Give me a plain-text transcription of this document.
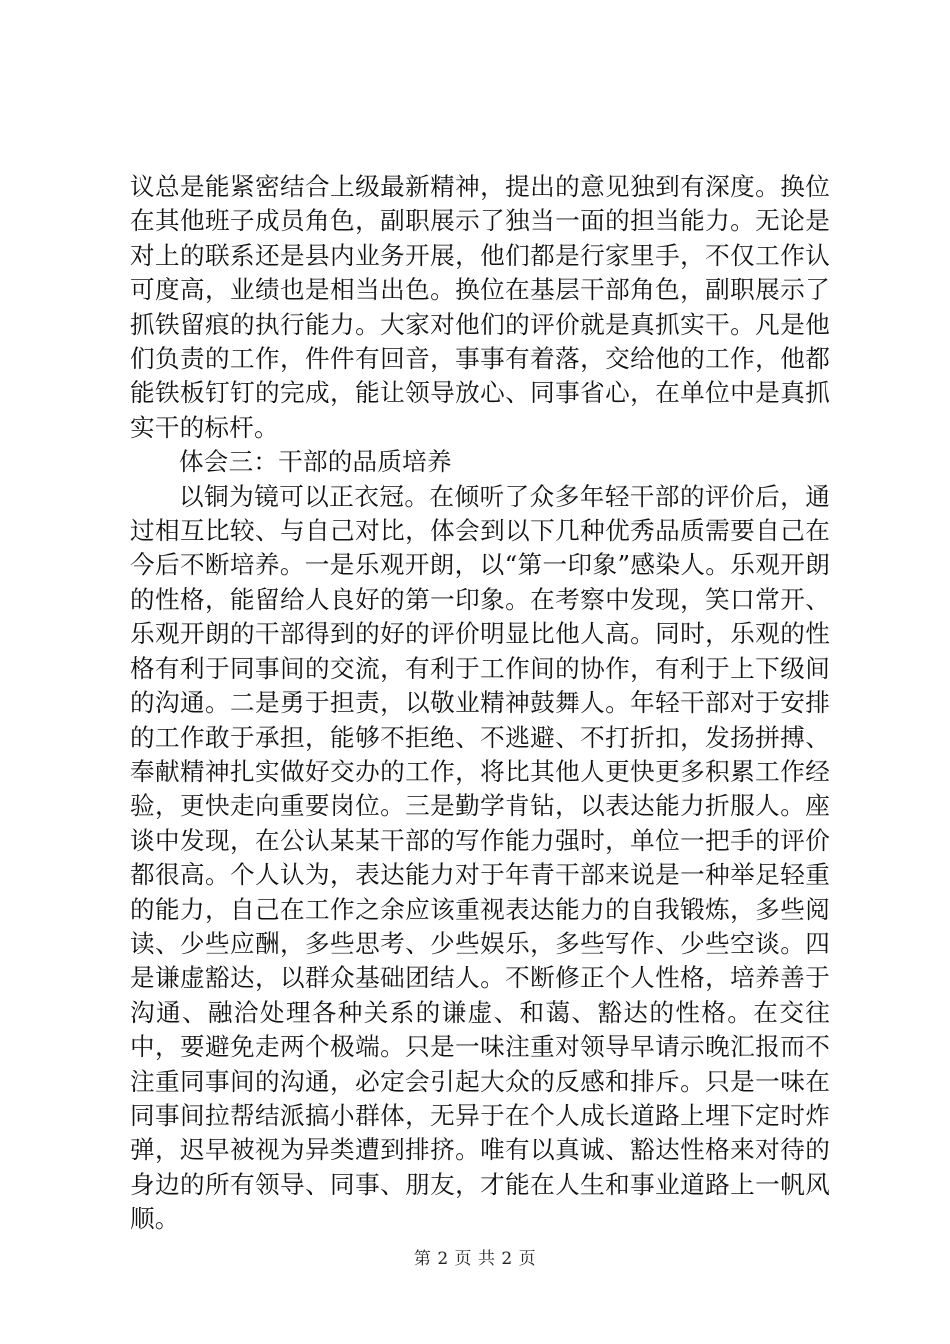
议总是能紧密结合上级最新精神，提出的意见独到有深度。换位在其他班子成员角色，副职展示了独当一面的担当能力。无论是对上的联系还是县内业务开展，他们都是行家里手，不仅工作认可度高，业绩也是相当出色。换位在基层干部角色，副职展示了抓铁留痕的执行能力。大家对他们的评价就是真抓实干。凡是他们负责的工作，件件有回音，事事有着落，交给他的工作，他都能铁板钉钉的完成，能让领导放心、同事省心，在单位中是真抓实干的标杆。

体会三：干部的品质培养

以铜为镜可以正衣冠。在倾听了众多年轻干部的评价后，通过相互比较、与自己对比，体会到以下几种优秀品质需要自己在今后不断培养。一是乐观开朗，以“第一印象”感染人。乐观开朗的性格，能留给人良好的第一印象。在考察中发现，笑口常开、乐观开朗的干部得到的好的评价明显比他人高。同时，乐观的性格有利于同事间的交流，有利于工作间的协作，有利于上下级间的沟通。二是勇于担责，以敬业精神鼓舞人。年轻干部对于安排的工作敢于承担，能够不拒绝、不逃避、不打折扣，发扬拼搏、奉献精神扎实做好交办的工作，将比其他人更快更多积累工作经验，更快走向重要岗位。三是勤学肯钻，以表达能力折服人。座谈中发现，在公认某某干部的写作能力强时，单位一把手的评价都很高。个人认为，表达能力对于年青干部来说是一种举足轻重的能力，自己在工作之余应该重视表达能力的自我锻炼，多些阅读、少些应酬，多些思考、少些娱乐，多些写作、少些空谈。四是谦虚豁达，以群众基础团结人。不断修正个人性格，培养善于沟通、融洽处理各种关系的谦虚、和蔼、豁达的性格。在交往中，要避免走两个极端。只是一味注重对领导早请示晚汇报而不注重同事间的沟通，必定会引起大众的反感和排斥。只是一味在同事间拉帮结派搞小群体，无异于在个人成长道路上埋下定时炸弹，迟早被视为异类遭到排挤。唯有以真诚、豁达性格来对待的身边的所有领导、同事、朋友，才能在人生和事业道路上一帆风顺。

第 2 页 共 2 页
